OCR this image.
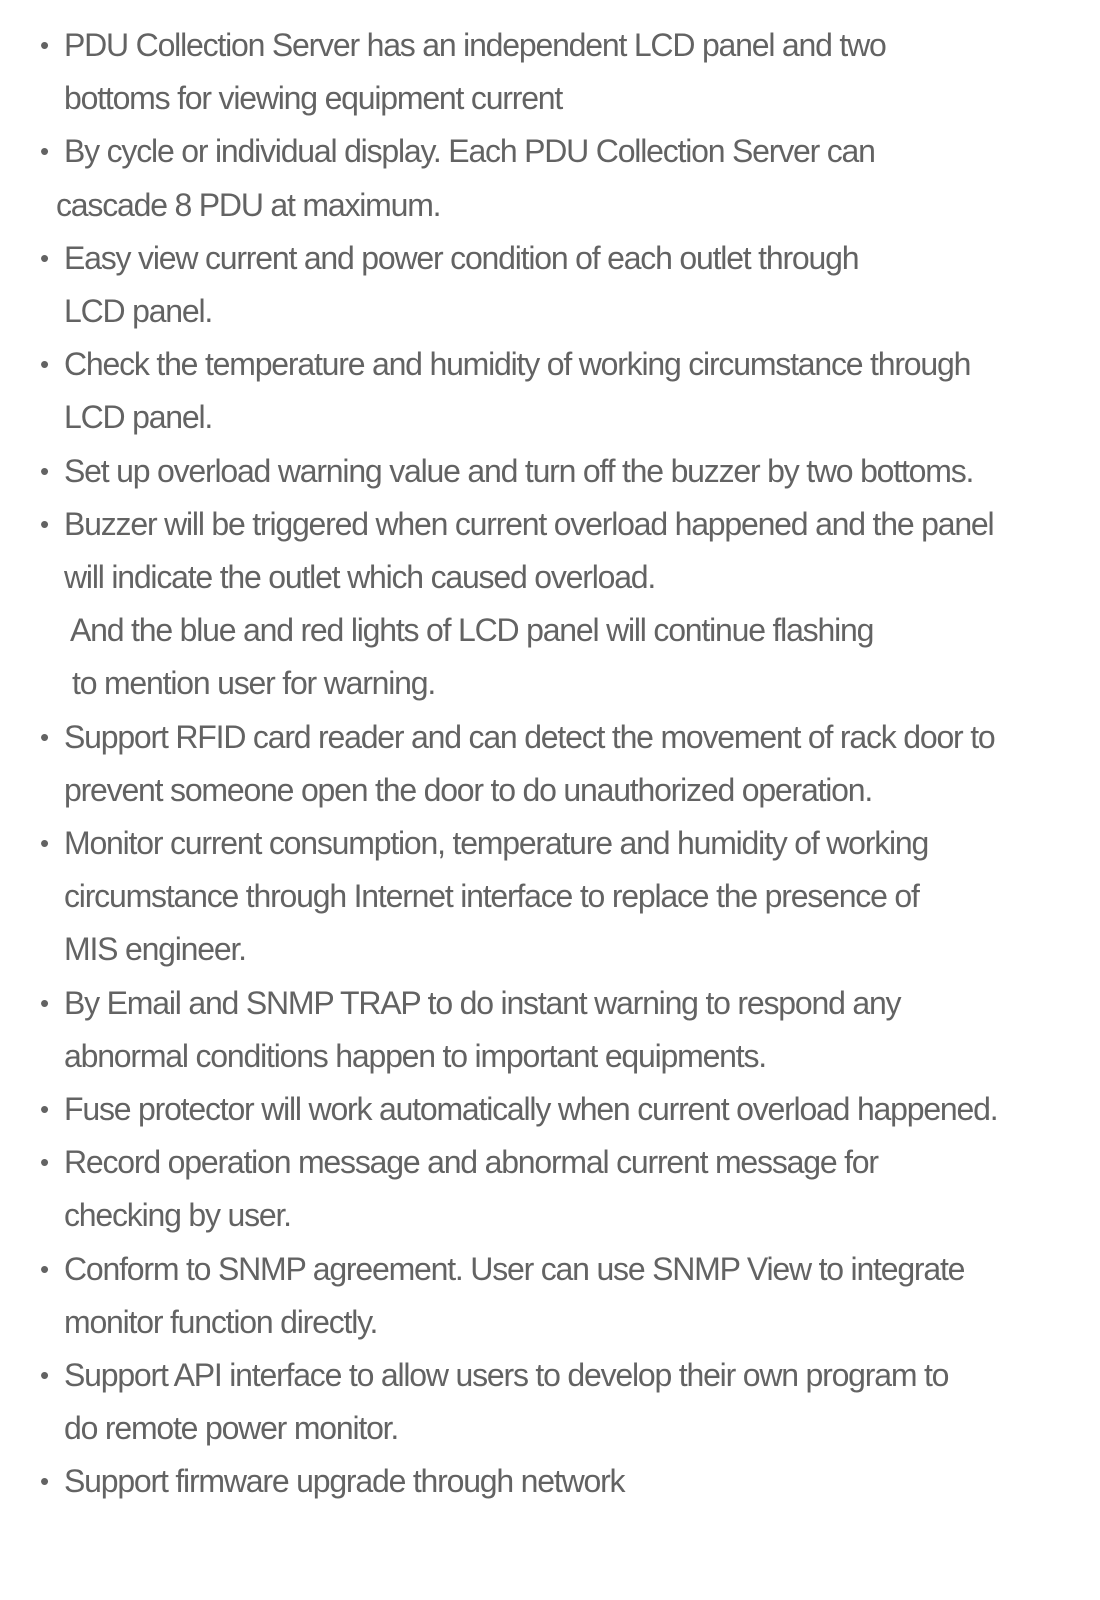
• PDU Collection Server has an independent LCD panel and two
bottoms for viewing equipment current
• By cycle or individual display. Each PDU Collection Server can
cascade 8 PDU at maximum.
• Easy view current and power condition of each outlet through
LCD panel.
• Check the temperature and humidity of working circumstance through
LCD panel.
• Set up overload warning value and turn off the buzzer by two bottoms.
• Buzzer will be triggered when current overload happened and the panel
will indicate the outlet which caused overload.
And the blue and red lights of LCD panel will continue flashing
to mention user for warning.
• Support RFID card reader and can detect the movement of rack door to
prevent someone open the door to do unauthorized operation.
• Monitor current consumption, temperature and humidity of working
circumstance through Internet interface to replace the presence of
MIS engineer.
• By Email and SNMP TRAP to do instant warning to respond any
abnormal conditions happen to important equipments.
• Fuse protector will work automatically when current overload happened.
• Record operation message and abnormal current message for
checking by user.
• Conform to SNMP agreement. User can use SNMP View to integrate
monitor function directly.
• Support API interface to allow users to develop their own program to
do remote power monitor.
• Support firmware upgrade through network
